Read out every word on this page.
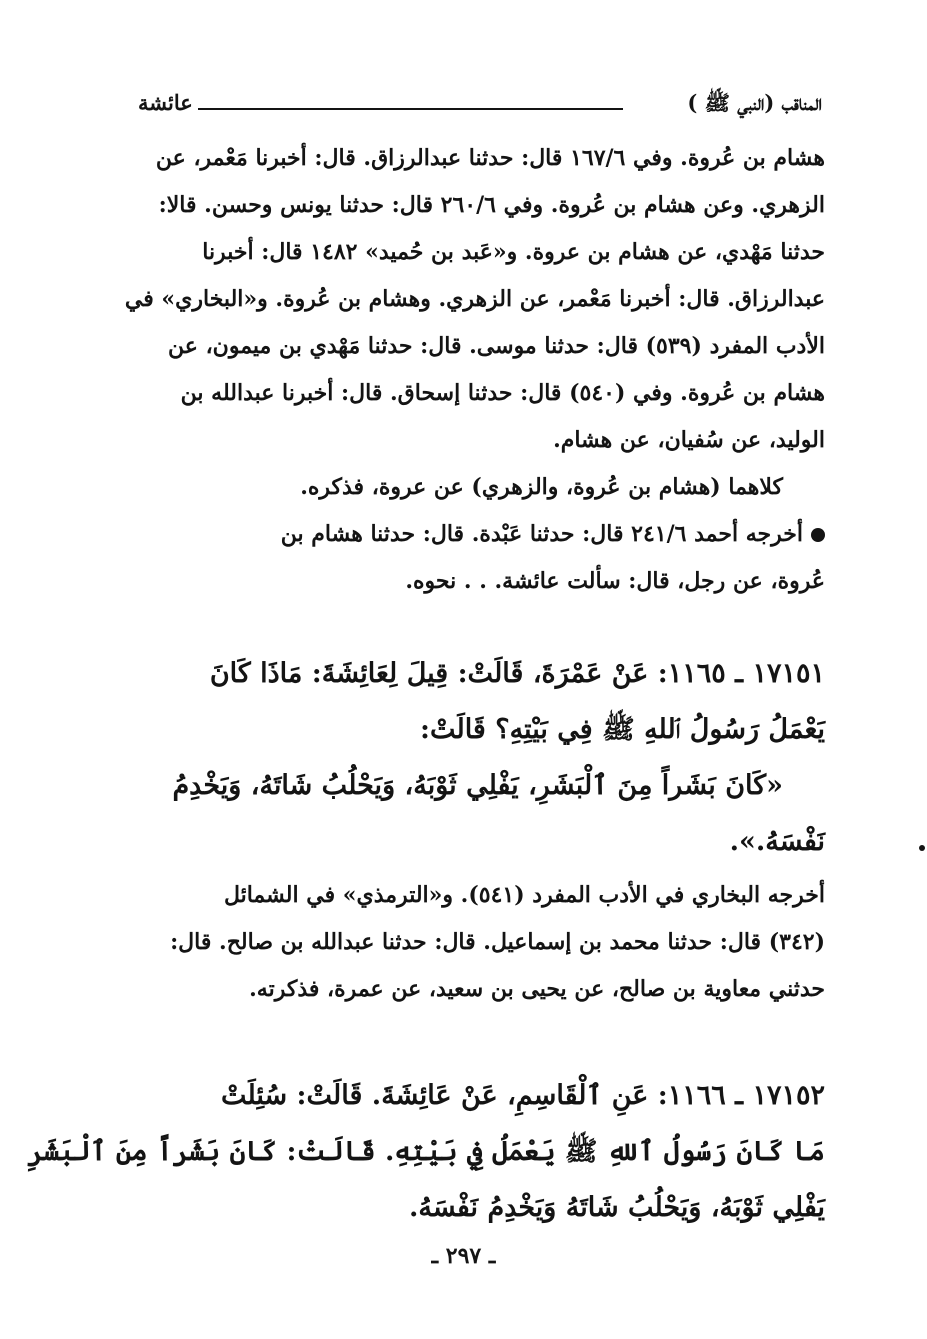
المناقب (النبي ﷺ )
عائشة
هشام بن عُروة. وفي ١٦٧/٦ قال: حدثنا عبدالرزاق. قال: أخبرنا مَعْمر، عن
الزهري. وعن هشام بن عُروة. وفي ٢٦٠/٦ قال: حدثنا يونس وحسن. قالا:
حدثنا مَهْدي، عن هشام بن عروة. و«عَبد بن حُميد» ١٤٨٢ قال: أخبرنا
عبدالرزاق. قال: أخبرنا مَعْمر، عن الزهري. وهشام بن عُروة. و«البخاري» في
الأدب المفرد (٥٣٩) قال: حدثنا موسى. قال: حدثنا مَهْدي بن ميمون، عن
هشام بن عُروة. وفي (٥٤٠) قال: حدثنا إسحاق. قال: أخبرنا عبدالله بن
الوليد، عن سُفيان، عن هشام.
كلاهما (هشام بن عُروة، والزهري) عن عروة، فذكره.
أخرجه أحمد ٢٤١/٦ قال: حدثنا عَبْدة. قال: حدثنا هشام بن
عُروة، عن رجل، قال: سألت عائشة. . . نحوه.
١٧١٥١ ـ ١١٦٥: عَنْ عَمْرَةَ، قَالَتْ: قِيلَ لِعَائِشَةَ: مَاذَا كَانَ
يَعْمَلُ رَسُولُ ٱللهِ ﷺ فِي بَيْتِهِ؟ قَالَتْ:
«كَانَ بَشَراً مِنَ ٱلْبَشَرِ، يَفْلِي ثَوْبَهُ، وَيَحْلُبُ شَاتَهُ، وَيَخْدِمُ
نَفْسَهُ.».
أخرجه البخاري في الأدب المفرد (٥٤١). و«الترمذي» في الشمائل
(٣٤٢) قال: حدثنا محمد بن إسماعيل. قال: حدثنا عبدالله بن صالح. قال:
حدثني معاوية بن صالح، عن يحيى بن سعيد، عن عمرة، فذكرته.
١٧١٥٢ ـ ١١٦٦: عَنِ ٱلْقَاسِمِ، عَنْ عَائِشَةَ. قَالَتْ: سُئِلَتْ
مَا كَانَ رَسُولُ ٱللهِ ﷺ يَعْمَلُ فِي بَيْتِهِ. قَالَتْ: كَانَ بَشَراً مِنَ ٱلْبَشَرِ
يَفْلِي ثَوْبَهُ، وَيَحْلُبُ شَاتَهُ وَيَخْدِمُ نَفْسَهُ.
ـ ٢٩٧ ـ
